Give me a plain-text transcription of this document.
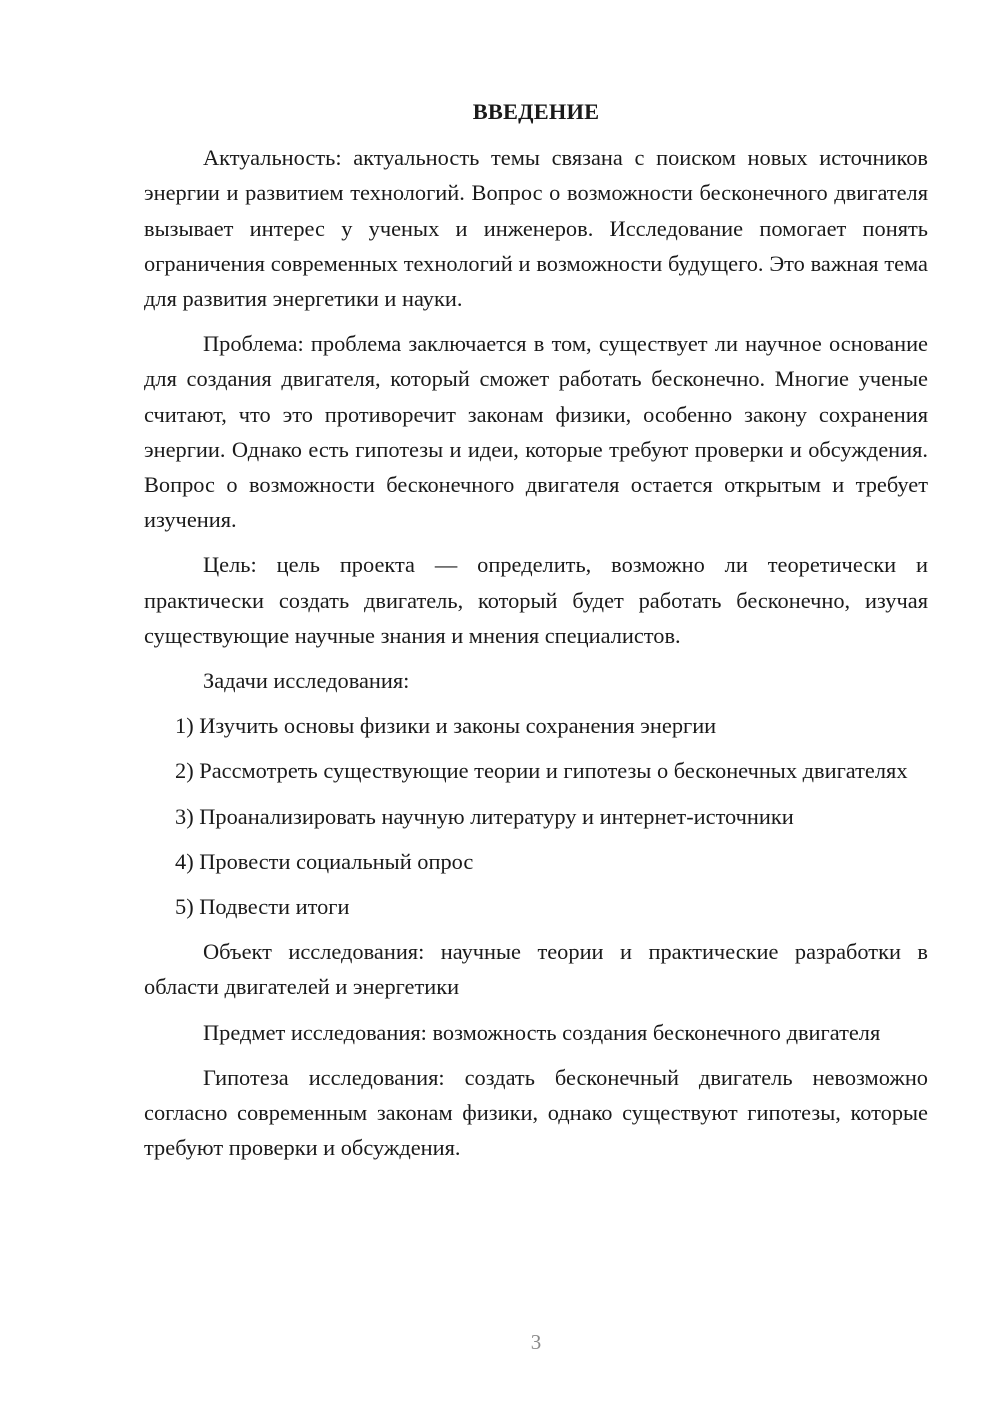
ВВЕДЕНИЕ
Актуальность: актуальность темы связана с поиском новых источников энергии и развитием технологий. Вопрос о возможности бесконечного двигателя вызывает интерес у ученых и инженеров. Исследование помогает понять ограничения современных технологий и возможности будущего. Это важная тема для развития энергетики и науки.
Проблема: проблема заключается в том, существует ли научное основание для создания двигателя, который сможет работать бесконечно. Многие ученые считают, что это противоречит законам физики, особенно закону сохранения энергии. Однако есть гипотезы и идеи, которые требуют проверки и обсуждения. Вопрос о возможности бесконечного двигателя остается открытым и требует изучения.
Цель: цель проекта — определить, возможно ли теоретически и практически создать двигатель, который будет работать бесконечно, изучая существующие научные знания и мнения специалистов.
Задачи исследования:
1) Изучить основы физики и законы сохранения энергии
2) Рассмотреть существующие теории и гипотезы о бесконечных двигателях
3) Проанализировать научную литературу и интернет-источники
4) Провести социальный опрос
5) Подвести итоги
Объект исследования: научные теории и практические разработки в области двигателей и энергетики
Предмет исследования: возможность создания бесконечного двигателя
Гипотеза исследования: создать бесконечный двигатель невозможно согласно современным законам физики, однако существуют гипотезы, которые требуют проверки и обсуждения.
3
